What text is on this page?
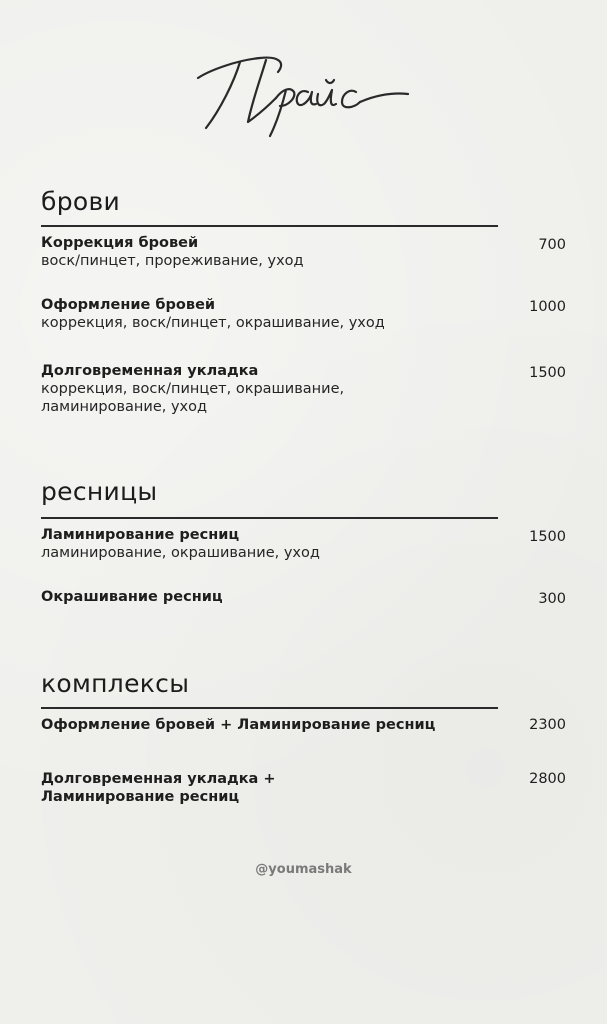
брови
Коррекция бровей
воск/пинцет, прореживание, уход
700
Оформление бровей
коррекция, воск/пинцет, окрашивание, уход
1000
Долговременная укладка
коррекция, воск/пинцет, окрашивание, ламинирование, уход
1500
ресницы
Ламинирование ресниц
ламинирование, окрашивание, уход
1500
Окрашивание ресниц	300
комплексы
Оформление бровей + Ламинирование ресниц	2300
Долговременная укладка + Ламинирование ресниц
2800
@youmashak
